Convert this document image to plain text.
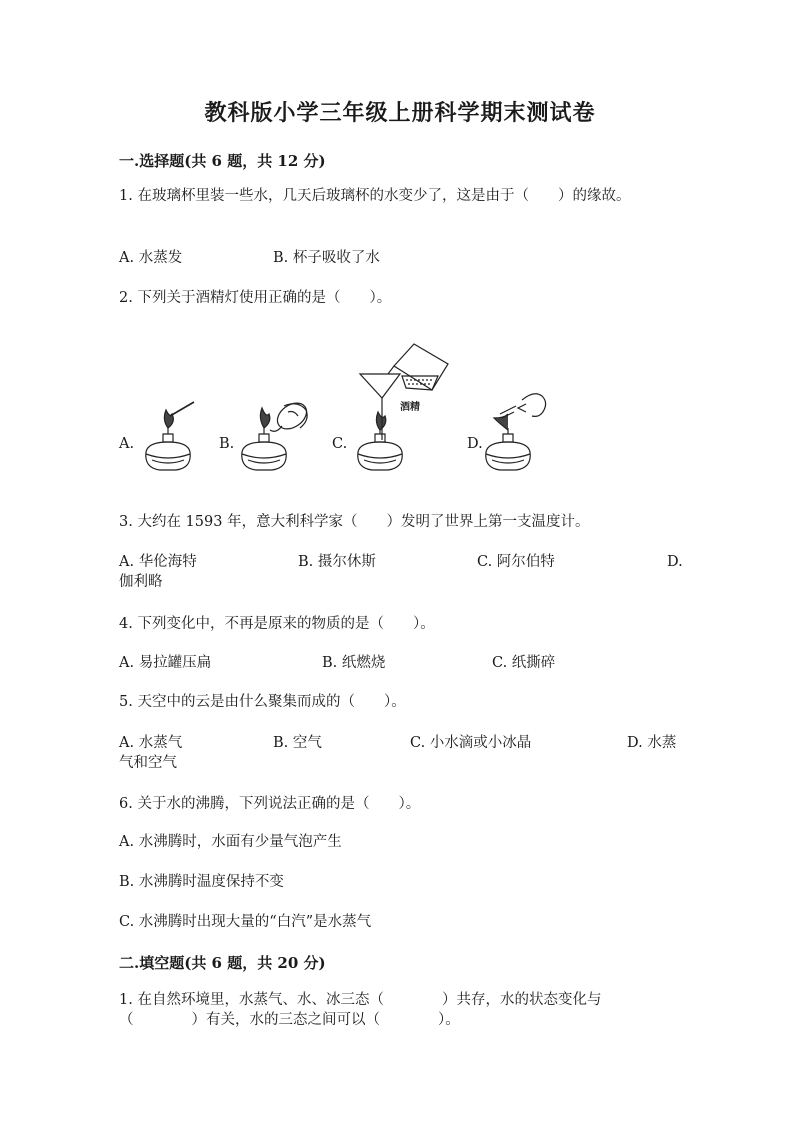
教科版小学三年级上册科学期末测试卷
一.选择题(共 6 题，共 12 分)
1. 在玻璃杯里装一些水，几天后玻璃杯的水变少了，这是由于（　　）的缘故。
A. 水蒸发	B. 杯子吸收了水
2. 下列关于酒精灯使用正确的是（　　）。
A.	B.	C.
酒精
D.
3. 大约在 1593 年，意大利科学家（　　）发明了世界上第一支温度计。
A. 华伦海特	B. 摄尔休斯	C. 阿尔伯特	D.
伽利略
4. 下列变化中，不再是原来的物质的是（　　）。
A. 易拉罐压扁	B. 纸燃烧	C. 纸撕碎
5. 天空中的云是由什么聚集而成的（　　）。
A. 水蒸气	B. 空气	C. 小水滴或小冰晶	D. 水蒸
气和空气
6. 关于水的沸腾，下列说法正确的是（　　）。
A. 水沸腾时，水面有少量气泡产生
B. 水沸腾时温度保持不变
C. 水沸腾时出现大量的“白汽”是水蒸气
二.填空题(共 6 题，共 20 分)
1. 在自然环境里，水蒸气、水、冰三态（　　　　）共存，水的状态变化与（　　　　）有关，水的三态之间可以（　　　　）。
